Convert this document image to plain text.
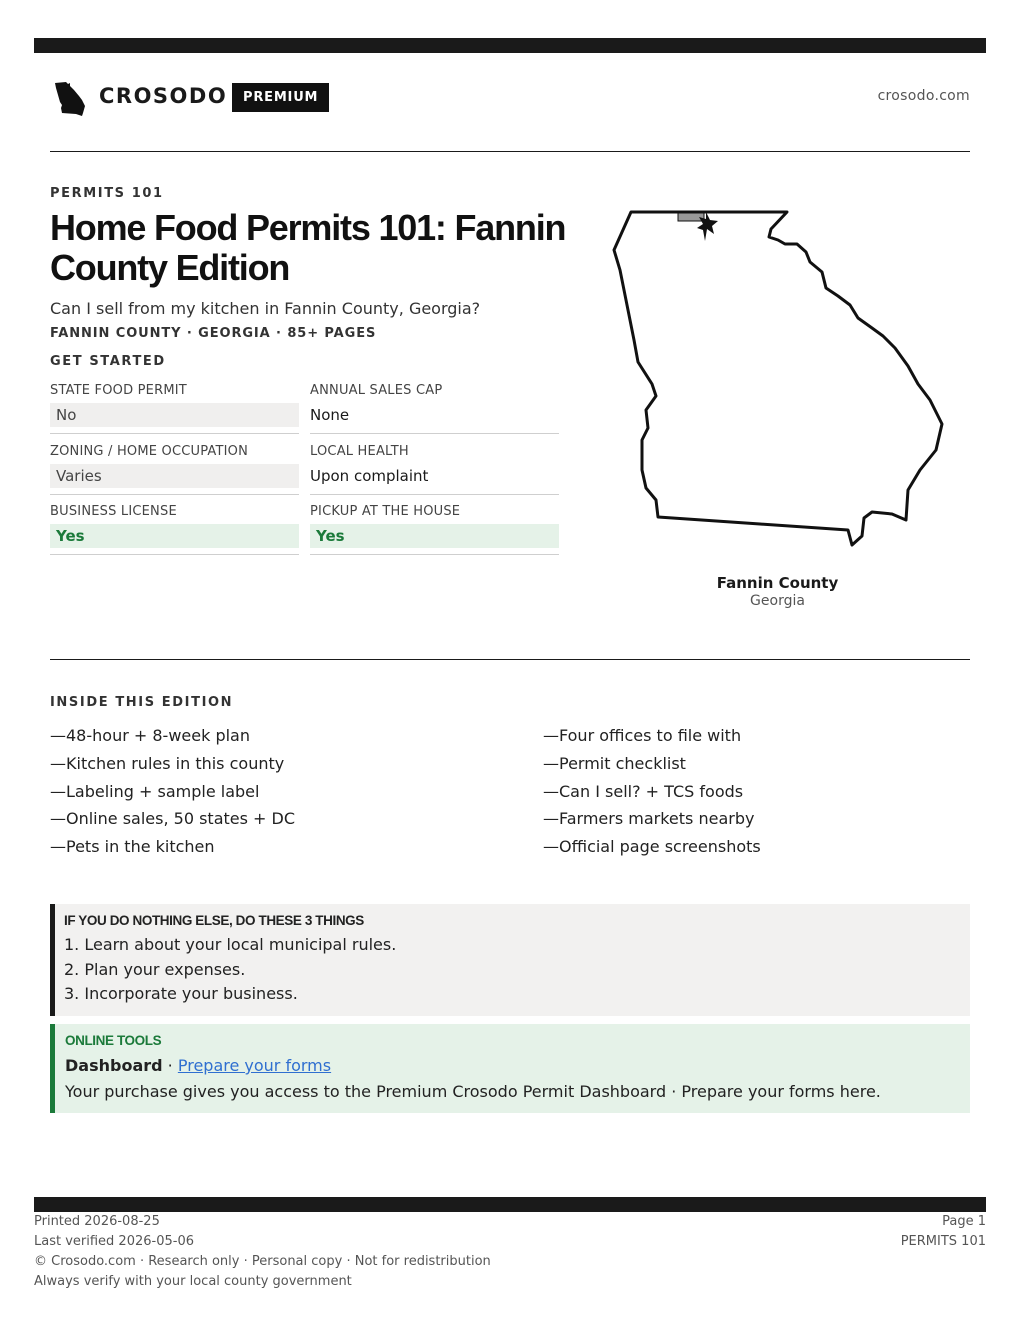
CROSODO	PREMIUM	crosodo.com
PERMITS 101
Home Food Permits 101: Fannin County Edition
Can I sell from my kitchen in Fannin County, Georgia?
FANNIN COUNTY · GEORGIA · 85+ PAGES
GET STARTED
STATE FOOD PERMIT
No
ANNUAL SALES CAP
None
ZONING / HOME OCCUPATION
Varies
LOCAL HEALTH
Upon complaint
BUSINESS LICENSE
Yes
PICKUP AT THE HOUSE
Yes
Fannin County
Georgia
INSIDE THIS EDITION
—48-hour + 8-week plan
—Kitchen rules in this county
—Labeling + sample label
—Online sales, 50 states + DC
—Pets in the kitchen
—Four offices to file with
—Permit checklist
—Can I sell? + TCS foods
—Farmers markets nearby
—Official page screenshots
IF YOU DO NOTHING ELSE, DO THESE 3 THINGS
1. Learn about your local municipal rules.
2. Plan your expenses.
3. Incorporate your business.
ONLINE TOOLS
Dashboard · Prepare your forms
Your purchase gives you access to the Premium Crosodo Permit Dashboard · Prepare your forms here.
Printed 2026-08-25
Last verified 2026-05-06
© Crosodo.com · Research only · Personal copy · Not for redistribution
Always verify with your local county government
Page 1
PERMITS 101
